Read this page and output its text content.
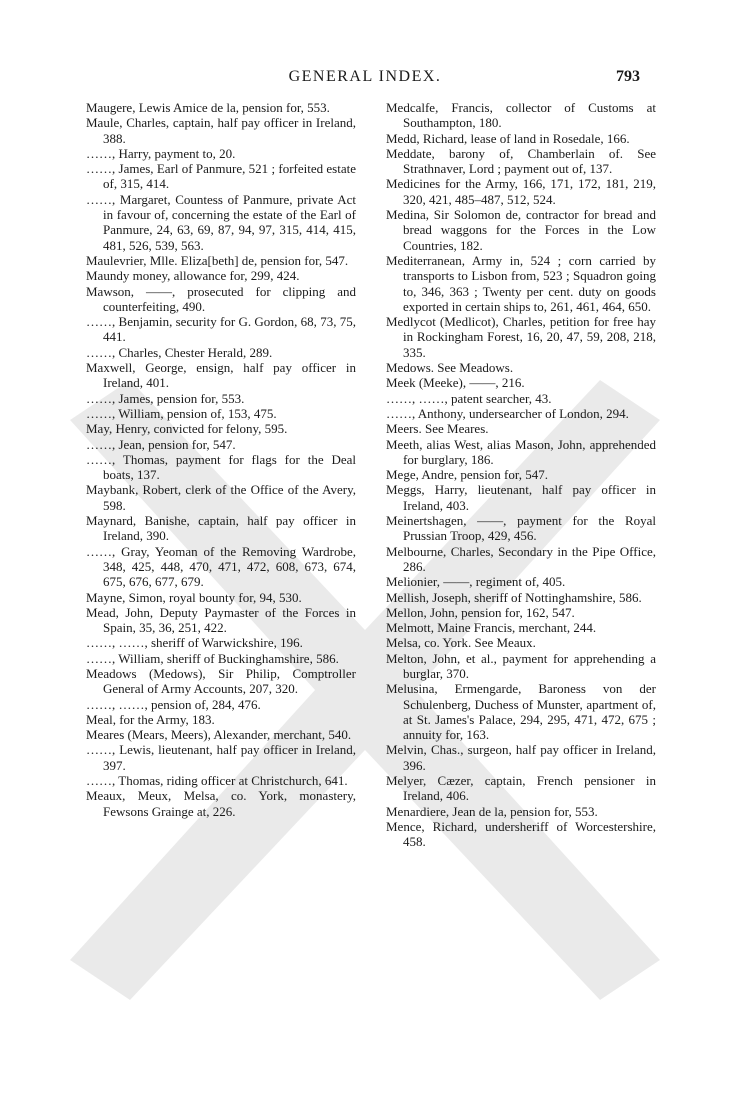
GENERAL INDEX.	793
Maugere, Lewis Amice de la, pension for, 553.
Maule, Charles, captain, half pay officer in Ireland, 388.
……, Harry, payment to, 20.
……, James, Earl of Panmure, 521 ; forfeited estate of, 315, 414.
……, Margaret, Countess of Panmure, private Act in favour of, concerning the estate of the Earl of Panmure, 24, 63, 69, 87, 94, 97, 315, 414, 415, 481, 526, 539, 563.
Maulevrier, Mlle. Eliza[beth] de, pension for, 547.
Maundy money, allowance for, 299, 424.
Mawson, ——, prosecuted for clipping and counterfeiting, 490.
……, Benjamin, security for G. Gordon, 68, 73, 75, 441.
……, Charles, Chester Herald, 289.
Maxwell, George, ensign, half pay officer in Ireland, 401.
……, James, pension for, 553.
……, William, pension of, 153, 475.
May, Henry, convicted for felony, 595.
……, Jean, pension for, 547.
……, Thomas, payment for flags for the Deal boats, 137.
Maybank, Robert, clerk of the Office of the Avery, 598.
Maynard, Banishe, captain, half pay officer in Ireland, 390.
……, Gray, Yeoman of the Removing Wardrobe, 348, 425, 448, 470, 471, 472, 608, 673, 674, 675, 676, 677, 679.
Mayne, Simon, royal bounty for, 94, 530.
Mead, John, Deputy Paymaster of the Forces in Spain, 35, 36, 251, 422.
……, ……, sheriff of Warwickshire, 196.
……, William, sheriff of Buckinghamshire, 586.
Meadows (Medows), Sir Philip, Comptroller General of Army Accounts, 207, 320.
……, ……, pension of, 284, 476.
Meal, for the Army, 183.
Meares (Mears, Meers), Alexander, merchant, 540.
……, Lewis, lieutenant, half pay officer in Ireland, 397.
……, Thomas, riding officer at Christchurch, 641.
Meaux, Meux, Melsa, co. York, monastery, Fewsons Grainge at, 226.
Medcalfe, Francis, collector of Customs at Southampton, 180.
Medd, Richard, lease of land in Rosedale, 166.
Meddate, barony of, Chamberlain of. See Strathnaver, Lord ; payment out of, 137.
Medicines for the Army, 166, 171, 172, 181, 219, 320, 421, 485–487, 512, 524.
Medina, Sir Solomon de, contractor for bread and bread waggons for the Forces in the Low Countries, 182.
Mediterranean, Army in, 524 ; corn carried by transports to Lisbon from, 523 ; Squadron going to, 346, 363 ; Twenty per cent. duty on goods exported in certain ships to, 261, 461, 464, 650.
Medlycot (Medlicot), Charles, petition for free hay in Rockingham Forest, 16, 20, 47, 59, 208, 218, 335.
Medows. See Meadows.
Meek (Meeke), ——, 216.
……, ……, patent searcher, 43.
……, Anthony, undersearcher of London, 294.
Meers. See Meares.
Meeth, alias West, alias Mason, John, apprehended for burglary, 186.
Mege, Andre, pension for, 547.
Meggs, Harry, lieutenant, half pay officer in Ireland, 403.
Meinertshagen, ——, payment for the Royal Prussian Troop, 429, 456.
Melbourne, Charles, Secondary in the Pipe Office, 286.
Melionier, ——, regiment of, 405.
Mellish, Joseph, sheriff of Nottinghamshire, 586.
Mellon, John, pension for, 162, 547.
Melmott, Maine Francis, merchant, 244.
Melsa, co. York. See Meaux.
Melton, John, et al., payment for apprehending a burglar, 370.
Melusina, Ermengarde, Baroness von der Schulenberg, Duchess of Munster, apartment of, at St. James's Palace, 294, 295, 471, 472, 675 ; annuity for, 163.
Melvin, Chas., surgeon, half pay officer in Ireland, 396.
Melyer, Cæzer, captain, French pensioner in Ireland, 406.
Menardiere, Jean de la, pension for, 553.
Mence, Richard, undersheriff of Worcestershire, 458.
